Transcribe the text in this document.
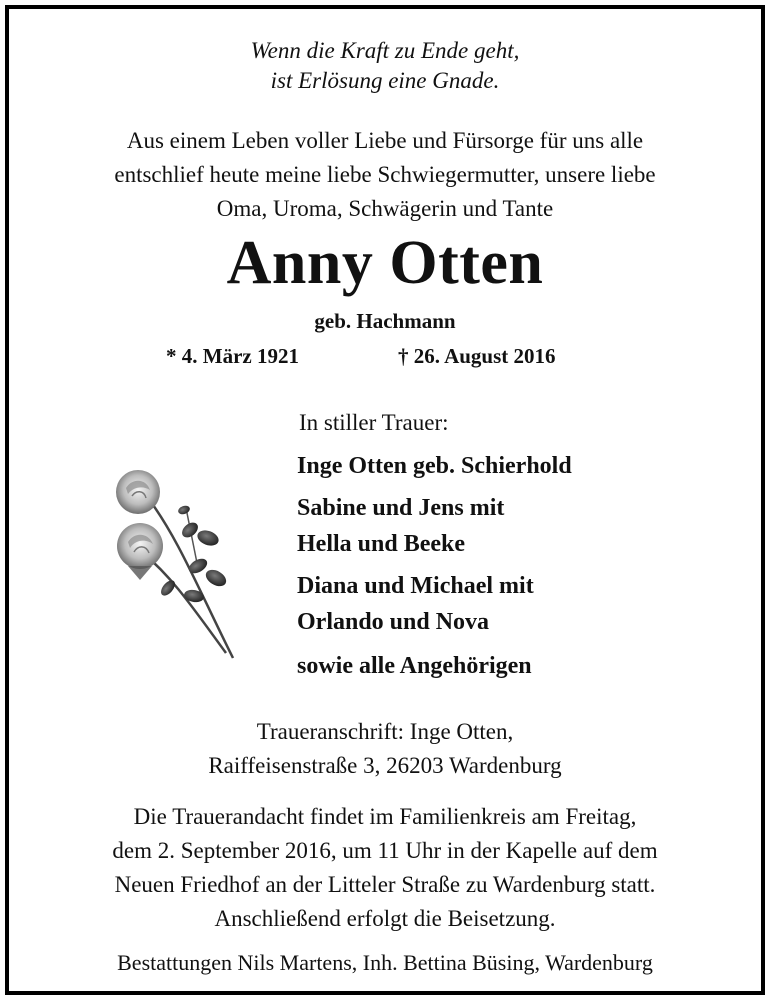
Wenn die Kraft zu Ende geht,
ist Erlösung eine Gnade.
Aus einem Leben voller Liebe und Fürsorge für uns alle
entschlief heute meine liebe Schwiegermutter, unsere liebe
Oma, Uroma, Schwägerin und Tante
Anny Otten
geb. Hachmann
* 4. März 1921	† 26. August 2016
In stiller Trauer:
Inge Otten geb. Schierhold
Sabine und Jens mit
Hella und Beeke
Diana und Michael mit
Orlando und Nova
sowie alle Angehörigen
Traueranschrift: Inge Otten,
Raiffeisenstraße 3, 26203 Wardenburg
Die Trauerandacht findet im Familienkreis am Freitag,
dem 2. September 2016, um 11 Uhr in der Kapelle auf dem
Neuen Friedhof an der Litteler Straße zu Wardenburg statt.
Anschließend erfolgt die Beisetzung.
Bestattungen Nils Martens, Inh. Bettina Büsing, Wardenburg
